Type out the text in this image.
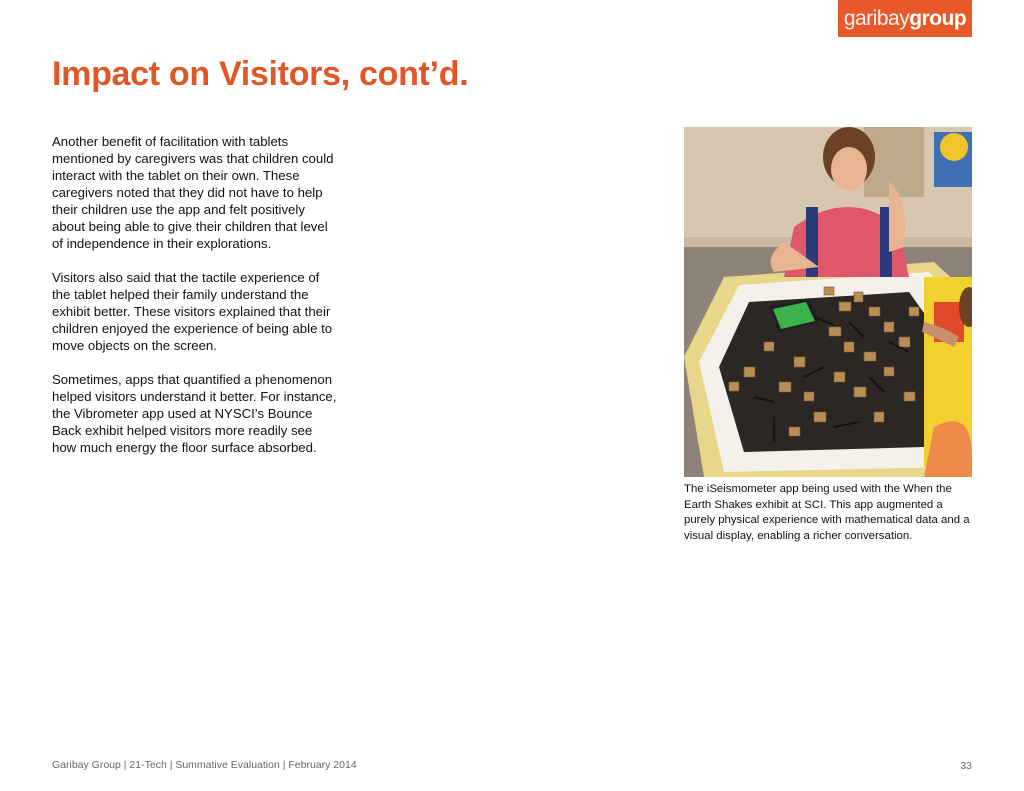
garibay group
Impact on Visitors, cont’d.

Another benefit of facilitation with tablets mentioned by caregivers was that children could interact with the tablet on their own. These caregivers noted that they did not have to help their children use the app and felt positively about being able to give their children that level of independence in their explorations.

Visitors also said that the tactile experience of the tablet helped their family understand the exhibit better. These visitors explained that their children enjoyed the experience of being able to move objects on the screen.

Sometimes, apps that quantified a phenomenon helped visitors understand it better. For instance, the Vibrometer app used at NYSCI’s Bounce Back exhibit helped visitors more readily see how much energy the floor surface absorbed.

The iSeismometer app being used with the When the Earth Shakes exhibit at SCI. This app augmented a purely physical experience with mathematical data and a visual display, enabling a richer conversation.
Garibay Group | 21-Tech | Summative Evaluation | February 2014	33
